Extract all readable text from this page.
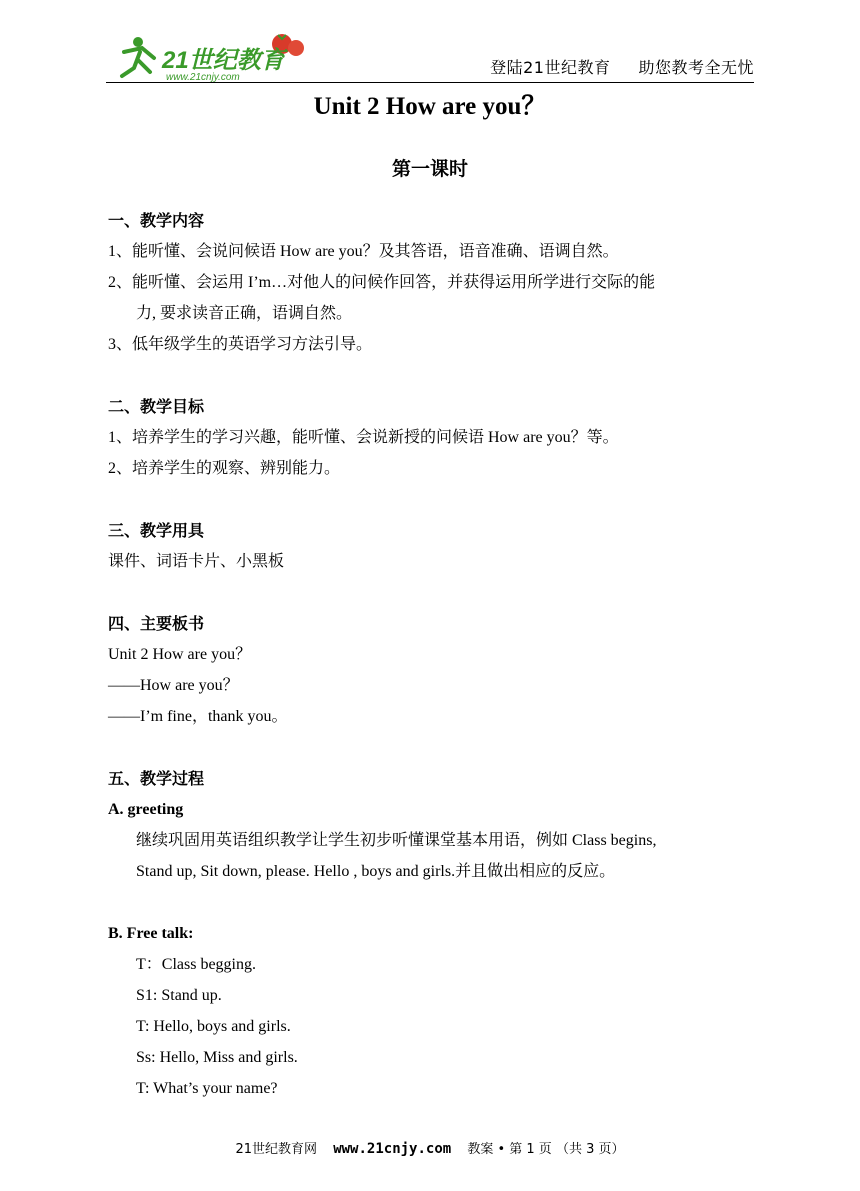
21世纪教育
www.21cnjy.com
登陆21世纪教育 助您教考全无忧
Unit 2 How are you？
第一课时
一、教学内容
1、能听懂、会说问候语 How are you？及其答语，语音准确、语调自然。
2、能听懂、会运用 I’m…对他人的问候作回答，并获得运用所学进行交际的能
力, 要求读音正确，语调自然。
3、低年级学生的英语学习方法引导。
二、教学目标
1、培养学生的学习兴趣，能听懂、会说新授的问候语 How are you？等。
2、培养学生的观察、辨别能力。
三、教学用具
课件、词语卡片、小黑板
四、主要板书
Unit 2 How are you？
——How are you？
——I’m fine，thank you。
五、教学过程
A. greeting
继续巩固用英语组织教学让学生初步听懂课堂基本用语，例如 Class begins,
Stand up, Sit down, please. Hello , boys and girls.并且做出相应的反应。
B. Free talk:
T：Class begging.
S1: Stand up.
T: Hello, boys and girls.
Ss: Hello, Miss and girls.
T: What’s your name?
21世纪教育网 www.21cnjy.com 教案 • 第 1 页 （共 3 页）
